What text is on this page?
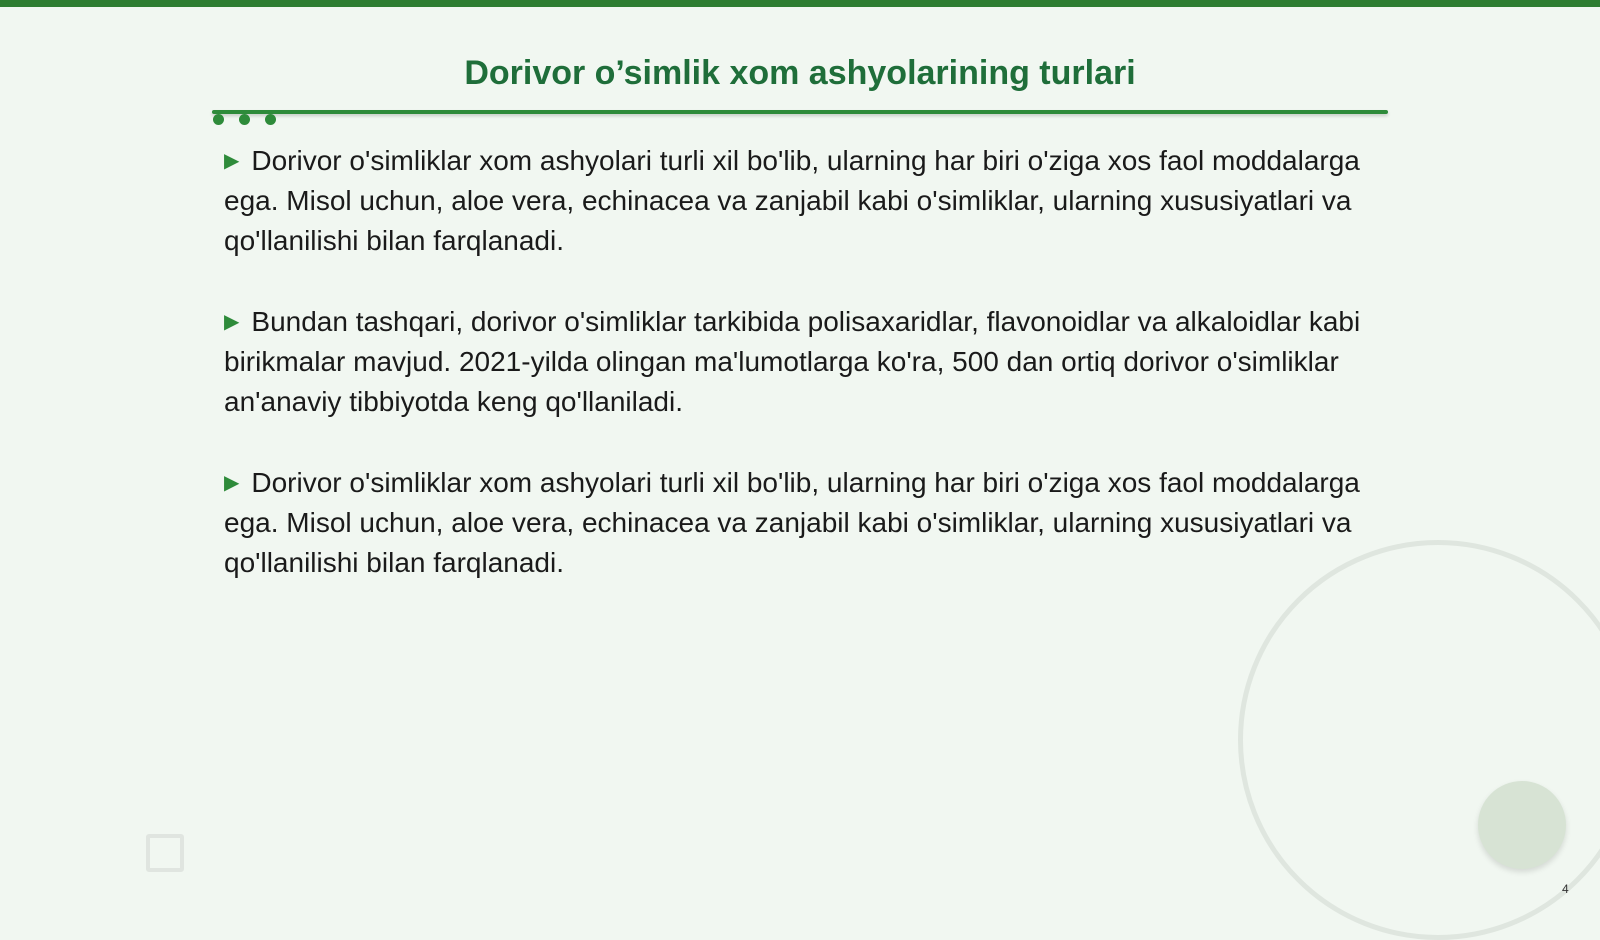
Dorivor o’simlik xom ashyolarining turlari

▶ Dorivor o'simliklar xom ashyolari turli xil bo'lib, ularning har biri o'ziga xos faol moddalarga ega. Misol uchun, aloe vera, echinacea va zanjabil kabi o'simliklar, ularning xususiyatlari va qo'llanilishi bilan farqlanadi.

▶ Bundan tashqari, dorivor o'simliklar tarkibida polisaxaridlar, flavonoidlar va alkaloidlar kabi birikmalar mavjud. 2021-yilda olingan ma'lumotlarga ko'ra, 500 dan ortiq dorivor o'simliklar an'anaviy tibbiyotda keng qo'llaniladi.

▶ Dorivor o'simliklar xom ashyolari turli xil bo'lib, ularning har biri o'ziga xos faol moddalarga ega. Misol uchun, aloe vera, echinacea va zanjabil kabi o'simliklar, ularning xususiyatlari va qo'llanilishi bilan farqlanadi.

4
